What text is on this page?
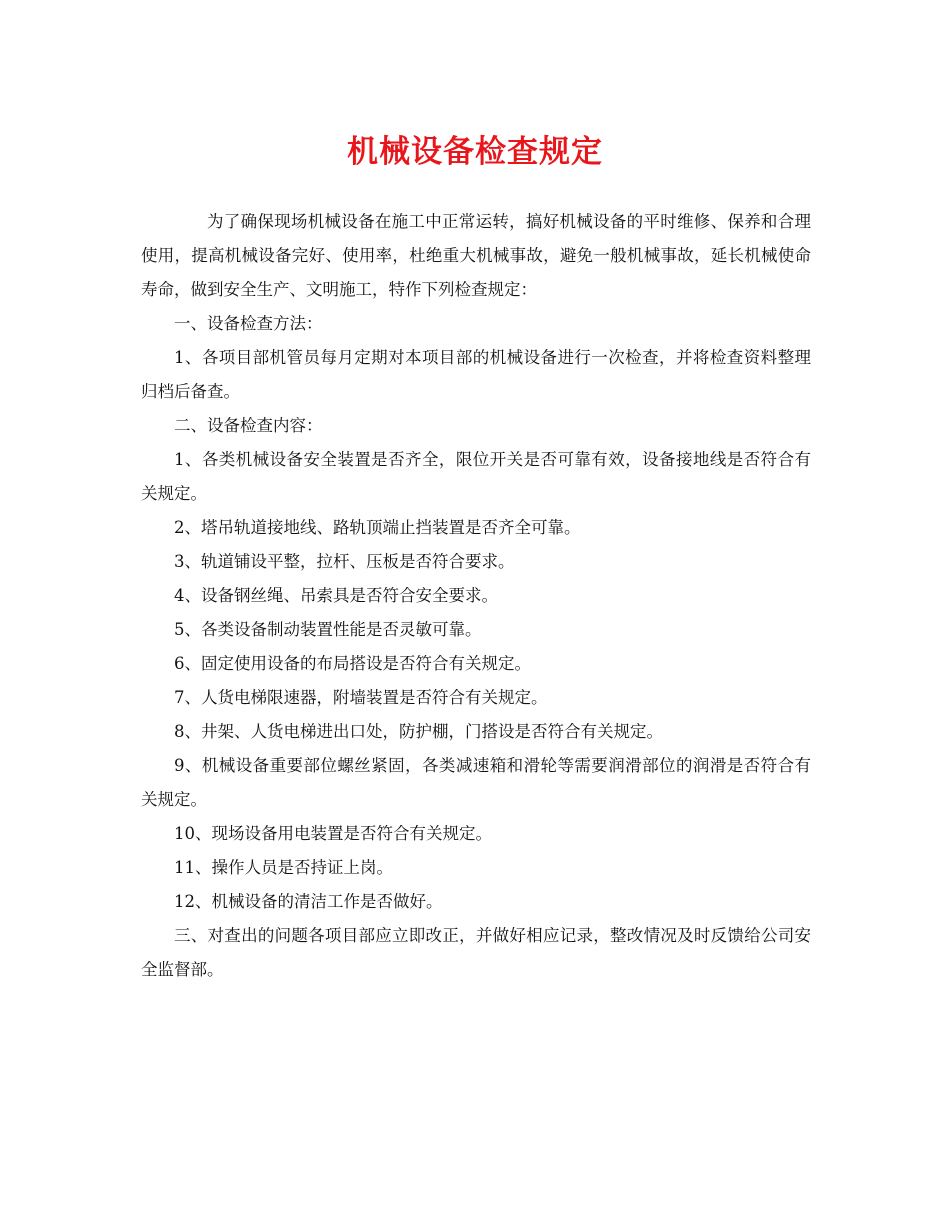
机械设备检查规定

为了确保现场机械设备在施工中正常运转，搞好机械设备的平时维修、保养和合理使用，提高机械设备完好、使用率，杜绝重大机械事故，避免一般机械事故，延长机械使命寿命，做到安全生产、文明施工，特作下列检查规定：

一、设备检查方法：

1、各项目部机管员每月定期对本项目部的机械设备进行一次检查，并将检查资料整理归档后备查。

二、设备检查内容：

1、各类机械设备安全装置是否齐全，限位开关是否可靠有效，设备接地线是否符合有关规定。

2、塔吊轨道接地线、路轨顶端止挡装置是否齐全可靠。

3、轨道铺设平整，拉杆、压板是否符合要求。

4、设备钢丝绳、吊索具是否符合安全要求。

5、各类设备制动装置性能是否灵敏可靠。

6、固定使用设备的布局搭设是否符合有关规定。

7、人货电梯限速器，附墙装置是否符合有关规定。

8、井架、人货电梯进出口处，防护棚，门搭设是否符合有关规定。

9、机械设备重要部位螺丝紧固，各类减速箱和滑轮等需要润滑部位的润滑是否符合有关规定。

10、现场设备用电装置是否符合有关规定。

11、操作人员是否持证上岗。

12、机械设备的清洁工作是否做好。

三、对查出的问题各项目部应立即改正，并做好相应记录，整改情况及时反馈给公司安全监督部。
